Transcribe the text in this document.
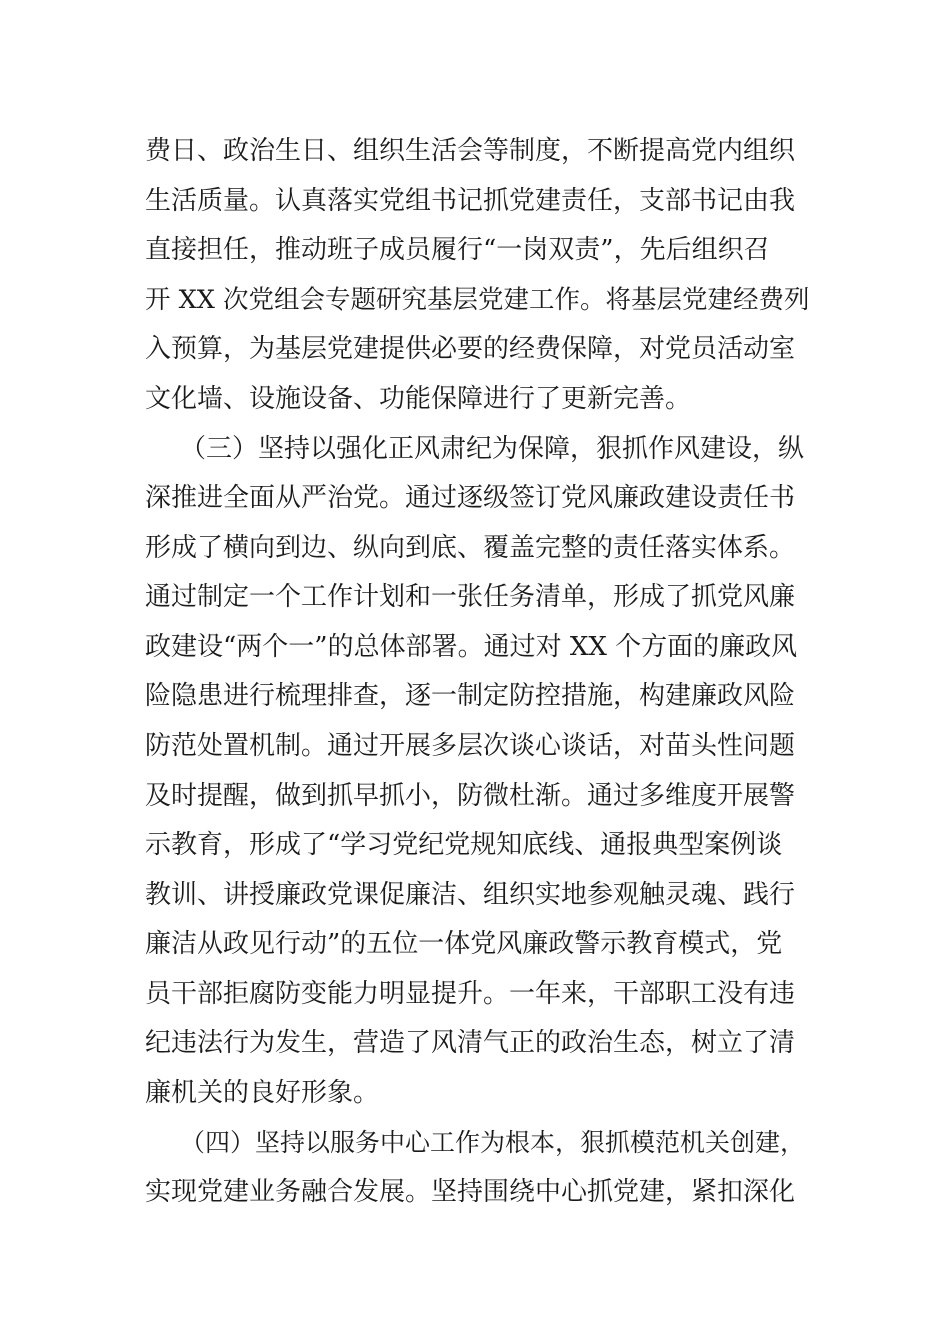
费日、政治生日、组织生活会等制度，不断提高党内组织
生活质量。认真落实党组书记抓党建责任，支部书记由我
直接担任，推动班子成员履行“一岗双责”，先后组织召
开 XX 次党组会专题研究基层党建工作。将基层党建经费列
入预算，为基层党建提供必要的经费保障，对党员活动室
文化墙、设施设备、功能保障进行了更新完善。
（三）坚持以强化正风肃纪为保障，狠抓作风建设，纵
深推进全面从严治党。通过逐级签订党风廉政建设责任书
形成了横向到边、纵向到底、覆盖完整的责任落实体系。
通过制定一个工作计划和一张任务清单，形成了抓党风廉
政建设“两个一”的总体部署。通过对 XX 个方面的廉政风
险隐患进行梳理排查，逐一制定防控措施，构建廉政风险
防范处置机制。通过开展多层次谈心谈话，对苗头性问题
及时提醒，做到抓早抓小，防微杜渐。通过多维度开展警
示教育，形成了“学习党纪党规知底线、通报典型案例谈
教训、讲授廉政党课促廉洁、组织实地参观触灵魂、践行
廉洁从政见行动”的五位一体党风廉政警示教育模式，党
员干部拒腐防变能力明显提升。一年来，干部职工没有违
纪违法行为发生，营造了风清气正的政治生态，树立了清
廉机关的良好形象。
（四）坚持以服务中心工作为根本，狠抓模范机关创建，
实现党建业务融合发展。坚持围绕中心抓党建，紧扣深化
